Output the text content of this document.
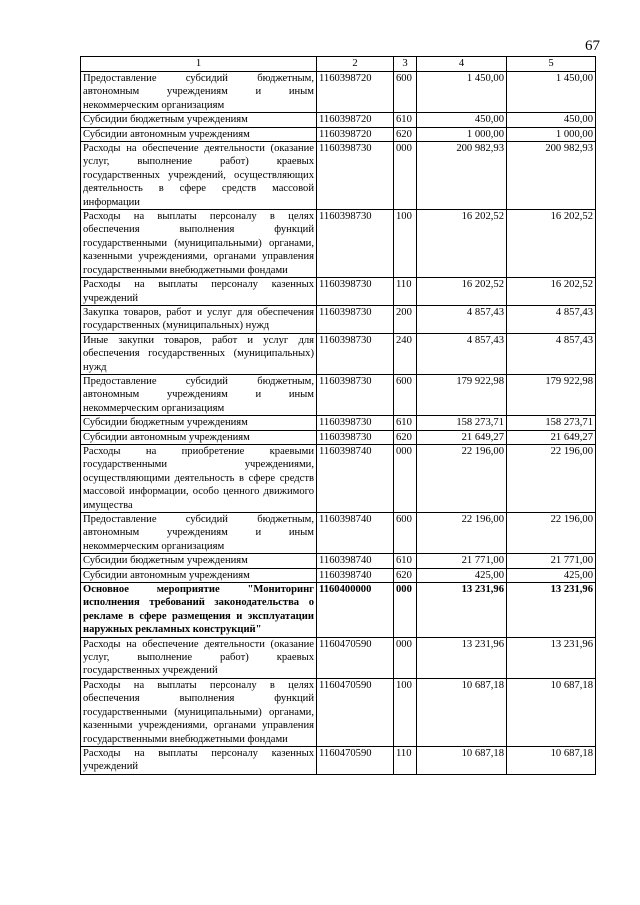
67
1	2	3	4	5
Предоставление субсидий бюджетным, автономным учреждениям и иным некоммерческим организациям	1160398720	600	1 450,00	1 450,00
Субсидии бюджетным учреждениям	1160398720	610	450,00	450,00
Субсидии автономным учреждениям	1160398720	620	1 000,00	1 000,00
Расходы на обеспечение деятельности (оказание услуг, выполнение работ) краевых государственных учреждений, осуществляющих деятельность в сфере средств массовой информации	1160398730	000	200 982,93	200 982,93
Расходы на выплаты персоналу в целях обеспечения выполнения функций государственными (муниципальными) органами, казенными учреждениями, органами управления государственными внебюджетными фондами	1160398730	100	16 202,52	16 202,52
Расходы на выплаты персоналу казенных учреждений	1160398730	110	16 202,52	16 202,52
Закупка товаров, работ и услуг для обеспечения государственных (муниципальных) нужд	1160398730	200	4 857,43	4 857,43
Иные закупки товаров, работ и услуг для обеспечения государственных (муниципальных) нужд	1160398730	240	4 857,43	4 857,43
Предоставление субсидий бюджетным, автономным учреждениям и иным некоммерческим организациям	1160398730	600	179 922,98	179 922,98
Субсидии бюджетным учреждениям	1160398730	610	158 273,71	158 273,71
Субсидии автономным учреждениям	1160398730	620	21 649,27	21 649,27
Расходы на приобретение краевыми государственными учреждениями, осуществляющими деятельность в сфере средств массовой информации, особо ценного движимого имущества	1160398740	000	22 196,00	22 196,00
Предоставление субсидий бюджетным, автономным учреждениям и иным некоммерческим организациям	1160398740	600	22 196,00	22 196,00
Субсидии бюджетным учреждениям	1160398740	610	21 771,00	21 771,00
Субсидии автономным учреждениям	1160398740	620	425,00	425,00
Основное мероприятие "Мониторинг исполнения требований законодательства о рекламе в сфере размещения и эксплуатации наружных рекламных конструкций"	1160400000	000	13 231,96	13 231,96
Расходы на обеспечение деятельности (оказание услуг, выполнение работ) краевых государственных учреждений	1160470590	000	13 231,96	13 231,96
Расходы на выплаты персоналу в целях обеспечения выполнения функций государственными (муниципальными) органами, казенными учреждениями, органами управления государственными внебюджетными фондами	1160470590	100	10 687,18	10 687,18
Расходы на выплаты персоналу казенных учреждений	1160470590	110	10 687,18	10 687,18
